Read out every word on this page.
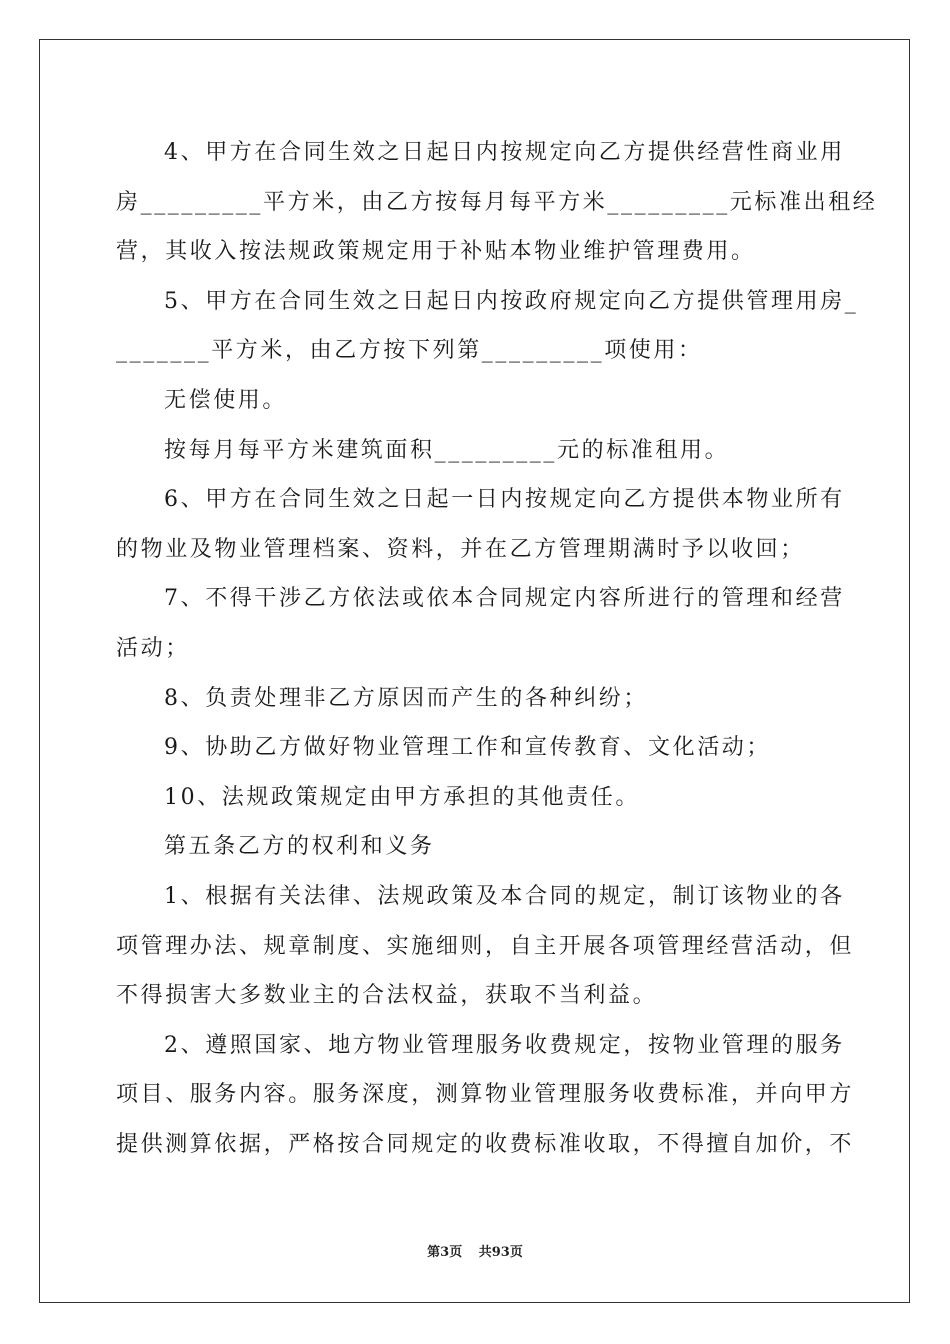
4、甲方在合同生效之日起日内按规定向乙方提供经营性商业用
房_________平方米，由乙方按每月每平方米_________元标准出租经
营，其收入按法规政策规定用于补贴本物业维护管理费用。
5、甲方在合同生效之日起日内按政府规定向乙方提供管理用房_
_______平方米，由乙方按下列第_________项使用：
无偿使用。
按每月每平方米建筑面积_________元的标准租用。
6、甲方在合同生效之日起一日内按规定向乙方提供本物业所有
的物业及物业管理档案、资料，并在乙方管理期满时予以收回；
7、不得干涉乙方依法或依本合同规定内容所进行的管理和经营
活动；
8、负责处理非乙方原因而产生的各种纠纷；
9、协助乙方做好物业管理工作和宣传教育、文化活动；
10、法规政策规定由甲方承担的其他责任。
第五条乙方的权利和义务
1、根据有关法律、法规政策及本合同的规定，制订该物业的各
项管理办法、规章制度、实施细则，自主开展各项管理经营活动，但
不得损害大多数业主的合法权益，获取不当利益。
2、遵照国家、地方物业管理服务收费规定，按物业管理的服务
项目、服务内容。服务深度，测算物业管理服务收费标准，并向甲方
提供测算依据，严格按合同规定的收费标准收取，不得擅自加价，不
第3页 共93页
